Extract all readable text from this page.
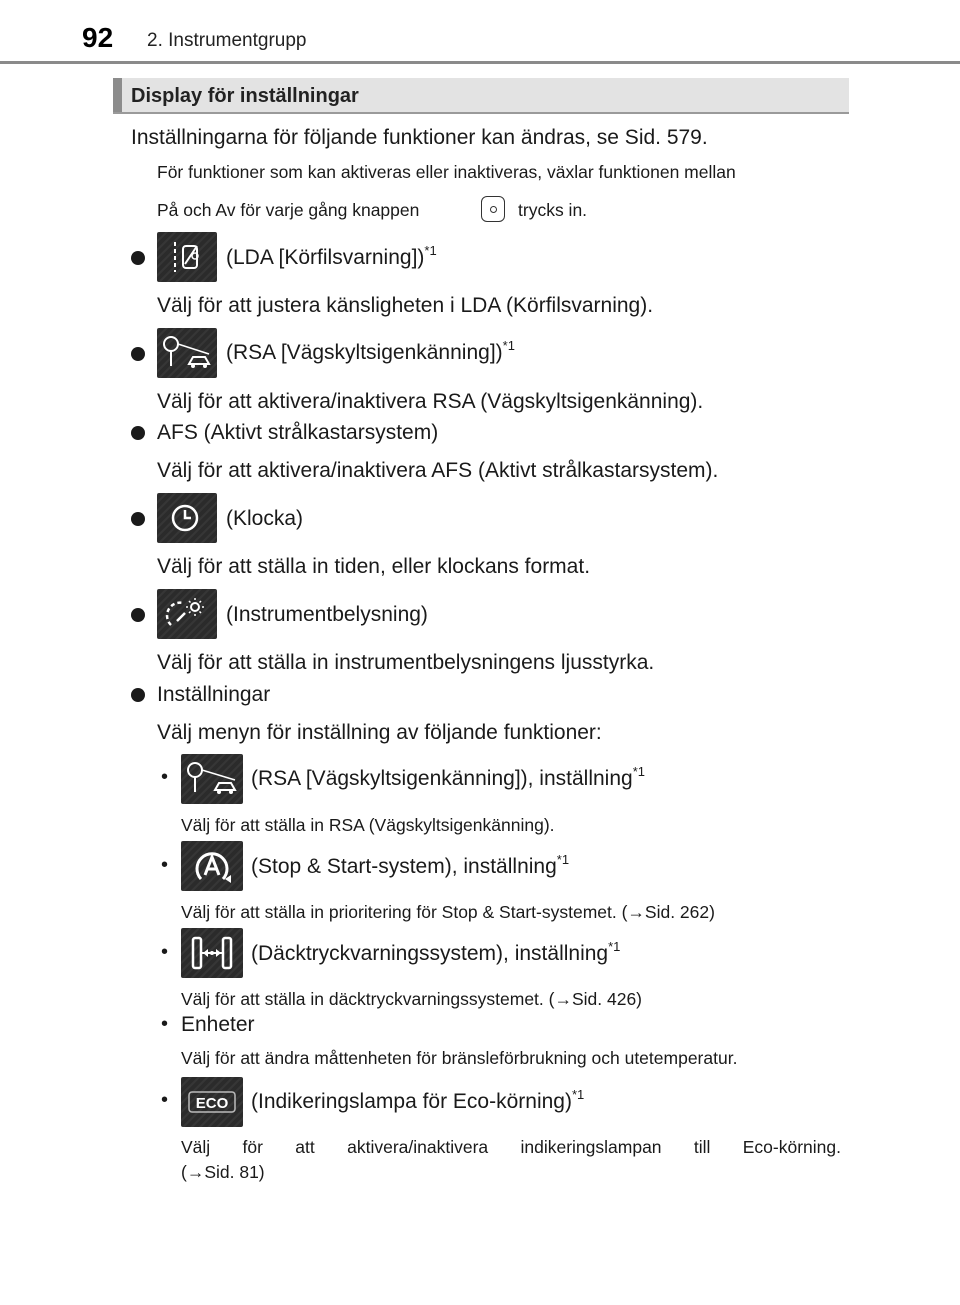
92 2. Instrumentgrupp
Display för inställningar
Inställningarna för följande funktioner kan ändras, se Sid. 579.
För funktioner som kan aktiveras eller inaktiveras, växlar funktionen mellan
På och Av för varje gång knappen	trycks in.
(LDA [Körfilsvarning])$^{*1}$
Välj för att justera känsligheten i LDA (Körfilsvarning).
(RSA [Vägskyltsigenkänning])$^{*1}$
Välj för att aktivera/inaktivera RSA (Vägskyltsigenkänning).
AFS (Aktivt strålkastarsystem)
Välj för att aktivera/inaktivera AFS (Aktivt strålkastarsystem).
(Klocka)
Välj för att ställa in tiden, eller klockans format.
(Instrumentbelysning)
Välj för att ställa in instrumentbelysningens ljusstyrka.
Inställningar
Välj menyn för inställning av följande funktioner:
•	(RSA [Vägskyltsigenkänning]), inställning$^{*1}$
Välj för att ställa in RSA (Vägskyltsigenkänning).
•	(Stop & Start-system), inställning$^{*1}$
Välj för att ställa in prioritering för Stop & Start-systemet. (→Sid. 262)
•	(Däcktryckvarningssystem), inställning$^{*1}$
Välj för att ställa in däcktryckvarningssystemet. (→Sid. 426)
• Enheter
Välj för att ändra måttenheten för bränsleförbrukning och utetemperatur.
• ECO (Indikeringslampa för Eco-körning)$^{*1}$
Välj för att aktivera/inaktivera indikeringslampan till Eco-körning.
(→Sid. 81)
